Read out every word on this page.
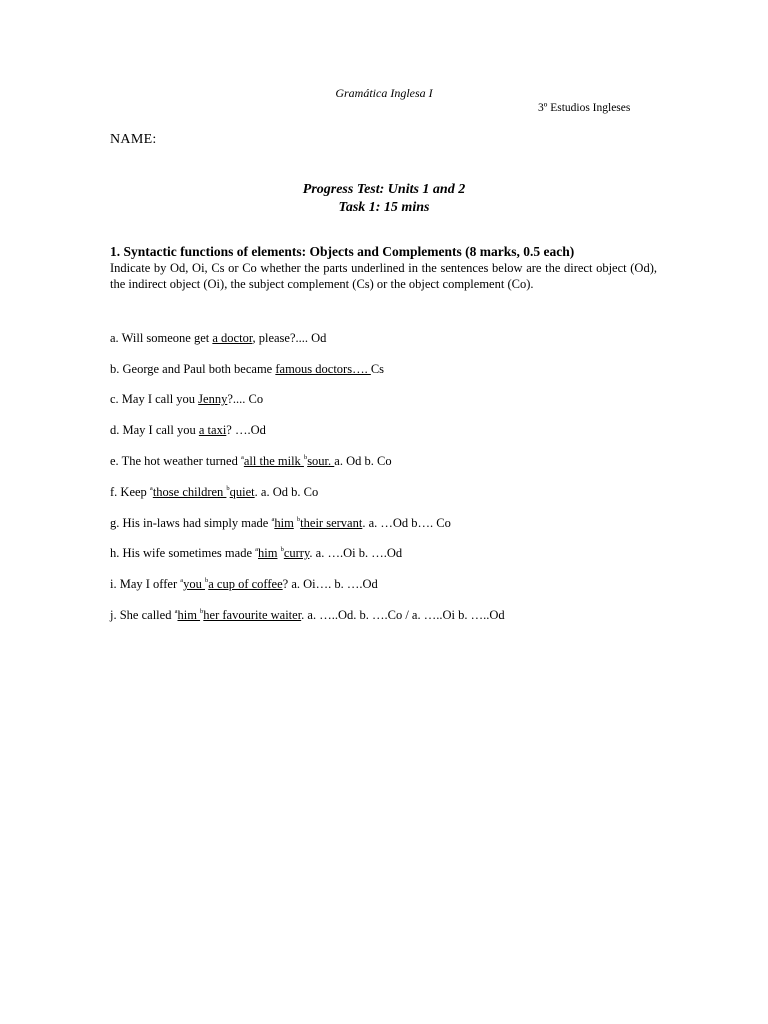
Gramática Inglesa I
3º Estudios Ingleses
NAME:
Progress Test: Units 1 and 2
Task 1: 15 mins
1. Syntactic functions of elements: Objects and Complements (8 marks, 0.5 each)
Indicate by Od, Oi, Cs or Co whether the parts underlined in the sentences below are the direct object (Od), the indirect object (Oi), the subject complement (Cs) or the object complement (Co).
a. Will someone get a doctor, please?.... Od
b. George and Paul both became famous doctors…. Cs
c. May I call you Jenny?.... Co
d. May I call you a taxi? ….Od
e. The hot weather turned $^a$all the milk $^b$sour. a. Od b. Co
f. Keep $^a$those children $^b$quiet. a. Od b. Co
g. His in-laws had simply made $^a$him $^b$their servant. a. …Od b…. Co
h. His wife sometimes made $^a$him $^b$curry. a. ….Oi b. ….Od
i. May I offer $^a$you $^b$a cup of coffee? a. Oi…. b. ….Od
j. She called $^a$him $^b$her favourite waiter. a. …..Od. b. ….Co / a. …..Oi b. …..Od
